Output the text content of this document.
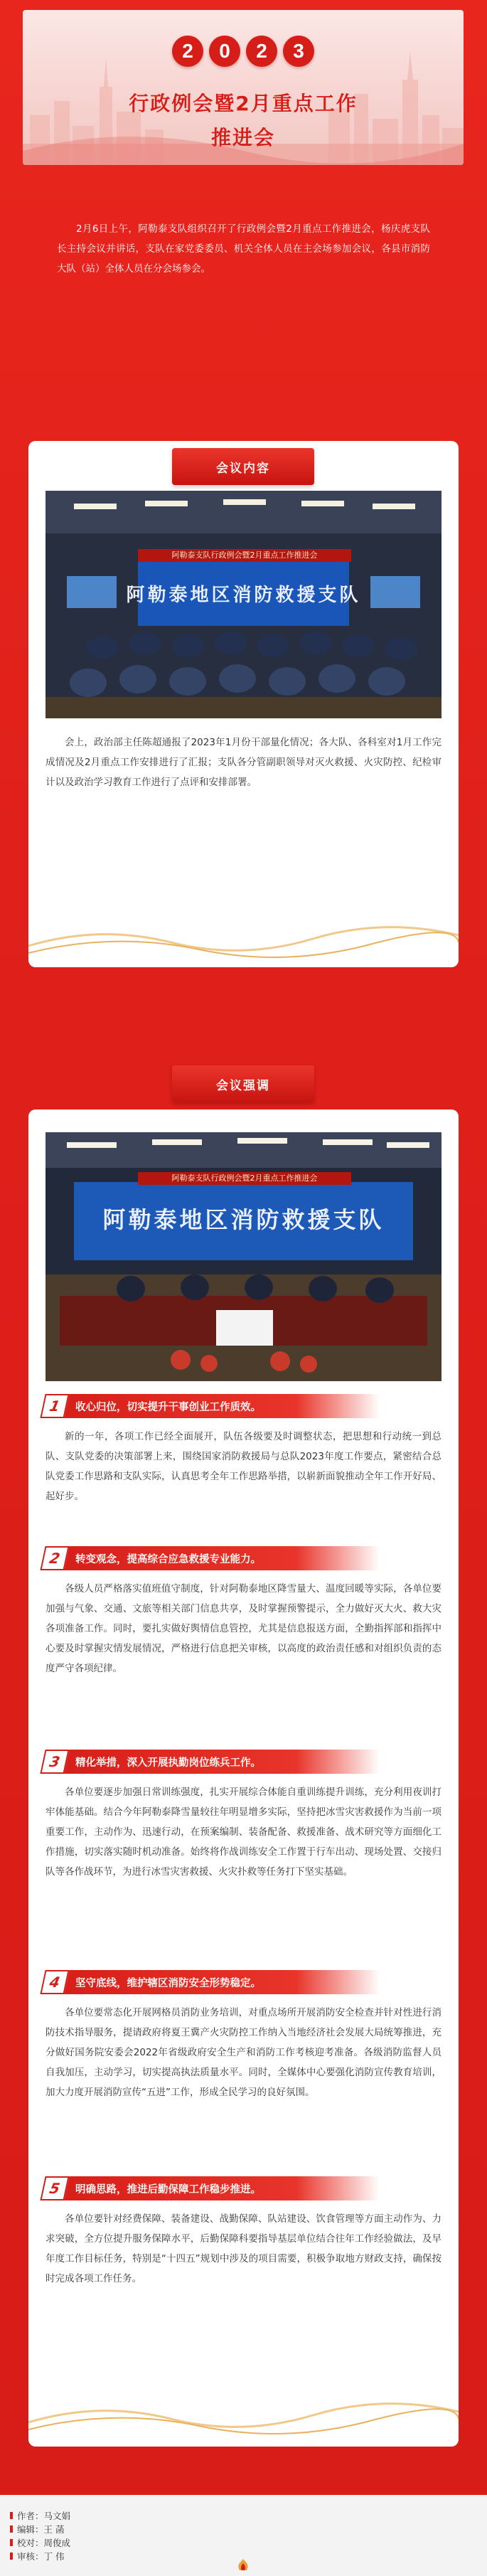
2	0	2	3
行政例会暨2月重点工作
推进会

2月6日上午，阿勒泰支队组织召开了行政例会暨2月重点工作推进会，杨庆虎支队长主持会议并讲话，支队在家党委委员、机关全体人员在主会场参加会议，各县市消防大队（站）全体人员在分会场参会。

阿勒泰支队行政例会暨2月重点工作推进会
阿勒泰地区消防救援支队

会上，政治部主任陈超通报了2023年1月份干部量化情况；各大队、各科室对1月工作完成情况及2月重点工作安排进行了汇报；支队各分管副职领导对灭火救援、火灾防控、纪检审计以及政治学习教育工作进行了点评和安排部署。

会议内容
阿勒泰支队行政例会暨2月重点工作推进会
阿勒泰地区消防救援支队
1	收心归位，切实提升干事创业工作质效。

新的一年，各项工作已经全面展开，队伍各级要及时调整状态，把思想和行动统一到总队、支队党委的决策部署上来，围绕国家消防救援局与总队2023年度工作要点，紧密结合总队党委工作思路和支队实际，认真思考全年工作思路举措，以崭新面貌推动全年工作开好局、起好步。

2	转变观念，提高综合应急救援专业能力。

各级人员严格落实值班值守制度，针对阿勒泰地区降雪量大、温度回暖等实际，各单位要加强与气象、交通、文旅等相关部门信息共享，及时掌握预警提示，全力做好灭大火、救大灾各项准备工作。同时，要扎实做好舆情信息管控，尤其是信息报送方面，全勤指挥部和指挥中心要及时掌握灾情发展情况，严格进行信息把关审核，以高度的政治责任感和对组织负责的态度严守各项纪律。

3	精化举措，深入开展执勤岗位练兵工作。

各单位要逐步加强日常训练强度，扎实开展综合体能自重训练提升训练，充分利用夜训打牢体能基础。结合今年阿勒泰降雪量较往年明显增多实际，坚持把冰雪灾害救援作为当前一项重要工作，主动作为、迅速行动，在预案编制、装备配备、救援准备、战术研究等方面细化工作措施，切实落实随时机动准备。始终将作战训练安全工作置于行车出动、现场处置、交接归队等各作战环节，为进行冰雪灾害救援、火灾扑救等任务打下坚实基础。

4	坚守底线，维护辖区消防安全形势稳定。

各单位要常态化开展网格员消防业务培训，对重点场所开展消防安全检查并针对性进行消防技术指导服务，提请政府将夏王冀产火灾防控工作纳入当地经济社会发展大局统筹推进，充分做好国务院安委会2022年省级政府安全生产和消防工作考核迎考准备。各级消防监督人员自我加压，主动学习，切实提高执法质量水平。同时，全媒体中心要强化消防宣传教育培训，加大力度开展消防宣传“五进”工作，形成全民学习的良好氛围。

5	明确思路，推进后勤保障工作稳步推进。

各单位要针对经费保障、装备建设、战勤保障、队站建设、饮食管理等方面主动作为、力求突破，全方位提升服务保障水平，后勤保障科要指导基层单位结合往年工作经验做法，及早年度工作目标任务，特别是“十四五”规划中涉及的项目需要，积极争取地方财政支持，确保按时完成各项工作任务。

会议强调
作者： 马文娟
编辑： 王 菡
校对： 周俊成
审核： 丁 伟
